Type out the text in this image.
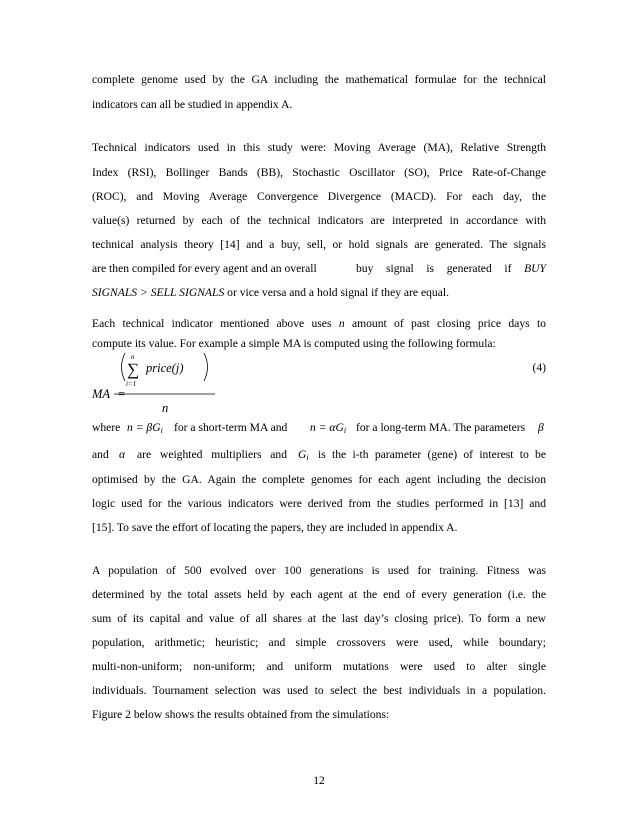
complete genome used by the GA including the mathematical formulae for the technical
indicators can all be studied in appendix A.
Technical indicators used in this study were: Moving Average (MA), Relative Strength
Index (RSI), Bollinger Bands (BB), Stochastic Oscillator (SO), Price Rate-of-Change
(ROC), and Moving Average Convergence Divergence (MACD). For each day, the
value(s) returned by each of the technical indicators are interpreted in accordance with
technical analysis theory [14] and a buy, sell, or hold signals are generated. The signals
are then compiled for every agent and an overall	buy signal is generated if BUY
SIGNALS > SELL SIGNALS or vice versa and a hold signal if they are equal.
Each technical indicator mentioned above uses n amount of past closing price days to
compute its value. For example a simple MA is computed using the following formula:
n
∑
i=1
price(j)
MA =
n
(4)
where $n = \beta G_i$ for a short-term MA and $n = \alpha G_i$ for a long-term MA. The parameters β
and α are weighted multipliers and $G_i$ is the i-th parameter (gene) of interest to be
optimised by the GA. Again the complete genomes for each agent including the decision
logic used for the various indicators were derived from the studies performed in [13] and
[15]. To save the effort of locating the papers, they are included in appendix A.
A population of 500 evolved over 100 generations is used for training. Fitness was
determined by the total assets held by each agent at the end of every generation (i.e. the
sum of its capital and value of all shares at the last day’s closing price). To form a new
population, arithmetic; heuristic; and simple crossovers were used, while boundary;
multi-non-uniform; non-uniform; and uniform mutations were used to alter single
individuals. Tournament selection was used to select the best individuals in a population.
Figure 2 below shows the results obtained from the simulations:
12
